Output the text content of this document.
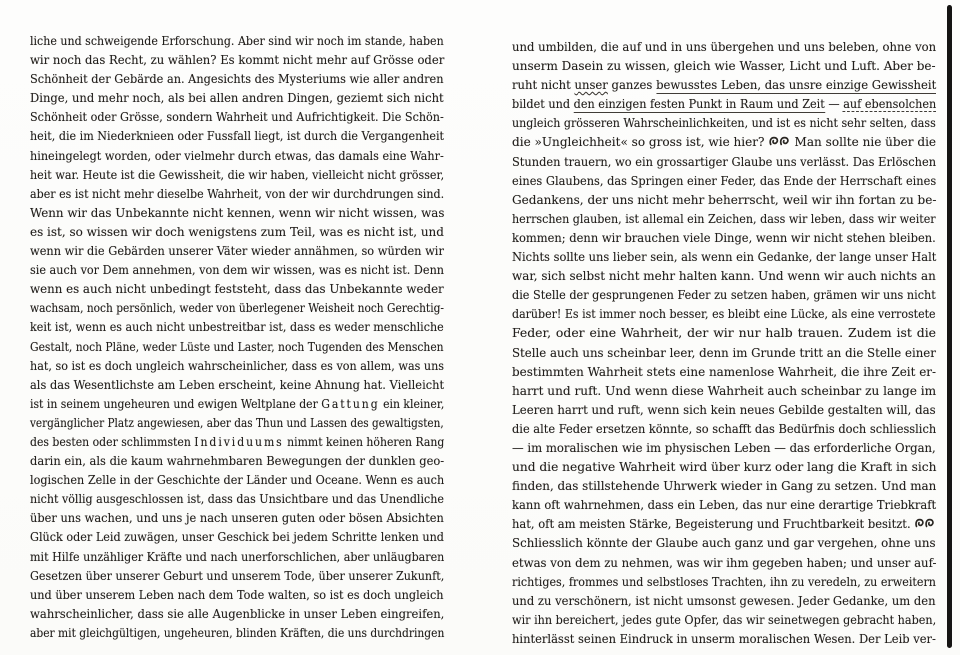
liche und schweigende Erforschung. Aber sind wir noch im stande, haben
wir noch das Recht, zu wählen? Es kommt nicht mehr auf Grösse oder
Schönheit der Gebärde an. Angesichts des Mysteriums wie aller andren
Dinge, und mehr noch, als bei allen andren Dingen, geziemt sich nicht
Schönheit oder Grösse, sondern Wahrheit und Aufrichtigkeit. Die Schön-
heit, die im Niederknieen oder Fussfall liegt, ist durch die Vergangenheit
hineingelegt worden, oder vielmehr durch etwas, das damals eine Wahr-
heit war. Heute ist die Gewissheit, die wir haben, vielleicht nicht grösser,
aber es ist nicht mehr dieselbe Wahrheit, von der wir durchdrungen sind.
Wenn wir das Unbekannte nicht kennen, wenn wir nicht wissen, was
es ist, so wissen wir doch wenigstens zum Teil, was es nicht ist, und
wenn wir die Gebärden unserer Väter wieder annähmen, so würden wir
sie auch vor Dem annehmen, von dem wir wissen, was es nicht ist. Denn
wenn es auch nicht unbedingt feststeht, dass das Unbekannte weder
wachsam, noch persönlich, weder von überlegener Weisheit noch Gerechtig-
keit ist, wenn es auch nicht unbestreitbar ist, dass es weder menschliche
Gestalt, noch Pläne, weder Lüste und Laster, noch Tugenden des Menschen
hat, so ist es doch ungleich wahrscheinlicher, dass es von allem, was uns
als das Wesentlichste am Leben erscheint, keine Ahnung hat. Vielleicht
ist in seinem ungeheuren und ewigen Weltplane der Gattung ein kleiner,
vergänglicher Platz angewiesen, aber das Thun und Lassen des gewaltigsten,
des besten oder schlimmsten Individuums nimmt keinen höheren Rang
darin ein, als die kaum wahrnehmbaren Bewegungen der dunklen geo-
logischen Zelle in der Geschichte der Länder und Oceane. Wenn es auch
nicht völlig ausgeschlossen ist, dass das Unsichtbare und das Unendliche
über uns wachen, und uns je nach unseren guten oder bösen Absichten
Glück oder Leid zuwägen, unser Geschick bei jedem Schritte lenken und
mit Hilfe unzähliger Kräfte und nach unerforschlichen, aber unläugbaren
Gesetzen über unserer Geburt und unserem Tode, über unserer Zukunft,
und über unserem Leben nach dem Tode walten, so ist es doch ungleich
wahrscheinlicher, dass sie alle Augenblicke in unser Leben eingreifen,
aber mit gleichgültigen, ungeheuren, blinden Kräften, die uns durchdringen
und umbilden, die auf und in uns übergehen und uns beleben, ohne von
unserm Dasein zu wissen, gleich wie Wasser, Licht und Luft. Aber be-
ruht nicht unser ganzes bewusstes Leben, das unsre einzige Gewissheit
bildet und den einzigen festen Punkt in Raum und Zeit — auf ebensolchen
ungleich grösseren Wahrscheinlichkeiten, und ist es nicht sehr selten, dass
die »Ungleichheit« so gross ist, wie hier?
Man sollte nie über die
Stunden trauern, wo ein grossartiger Glaube uns verlässt. Das Erlöschen
eines Glaubens, das Springen einer Feder, das Ende der Herrschaft eines
Gedankens, der uns nicht mehr beherrscht, weil wir ihn fortan zu be-
herrschen glauben, ist allemal ein Zeichen, dass wir leben, dass wir weiter
kommen; denn wir brauchen viele Dinge, wenn wir nicht stehen bleiben.
Nichts sollte uns lieber sein, als wenn ein Gedanke, der lange unser Halt
war, sich selbst nicht mehr halten kann. Und wenn wir auch nichts an
die Stelle der gesprungenen Feder zu setzen haben, grämen wir uns nicht
darüber! Es ist immer noch besser, es bleibt eine Lücke, als eine verrostete
Feder, oder eine Wahrheit, der wir nur halb trauen. Zudem ist die
Stelle auch uns scheinbar leer, denn im Grunde tritt an die Stelle einer
bestimmten Wahrheit stets eine namenlose Wahrheit, die ihre Zeit er-
harrt und ruft. Und wenn diese Wahrheit auch scheinbar zu lange im
Leeren harrt und ruft, wenn sich kein neues Gebilde gestalten will, das
die alte Feder ersetzen könnte, so schafft das Bedürfnis doch schliesslich
— im moralischen wie im physischen Leben — das erforderliche Organ,
und die negative Wahrheit wird über kurz oder lang die Kraft in sich
finden, das stillstehende Uhrwerk wieder in Gang zu setzen. Und man
kann oft wahrnehmen, dass ein Leben, das nur eine derartige Triebkraft
hat, oft am meisten Stärke, Begeisterung und Fruchtbarkeit besitzt.
Schliesslich könnte der Glaube auch ganz und gar vergehen, ohne uns
etwas von dem zu nehmen, was wir ihm gegeben haben; und unser auf-
richtiges, frommes und selbstloses Trachten, ihn zu veredeln, zu erweitern
und zu verschönern, ist nicht umsonst gewesen. Jeder Gedanke, um den
wir ihn bereichert, jedes gute Opfer, das wir seinetwegen gebracht haben,
hinterlässt seinen Eindruck in unserm moralischen Wesen. Der Leib ver-
